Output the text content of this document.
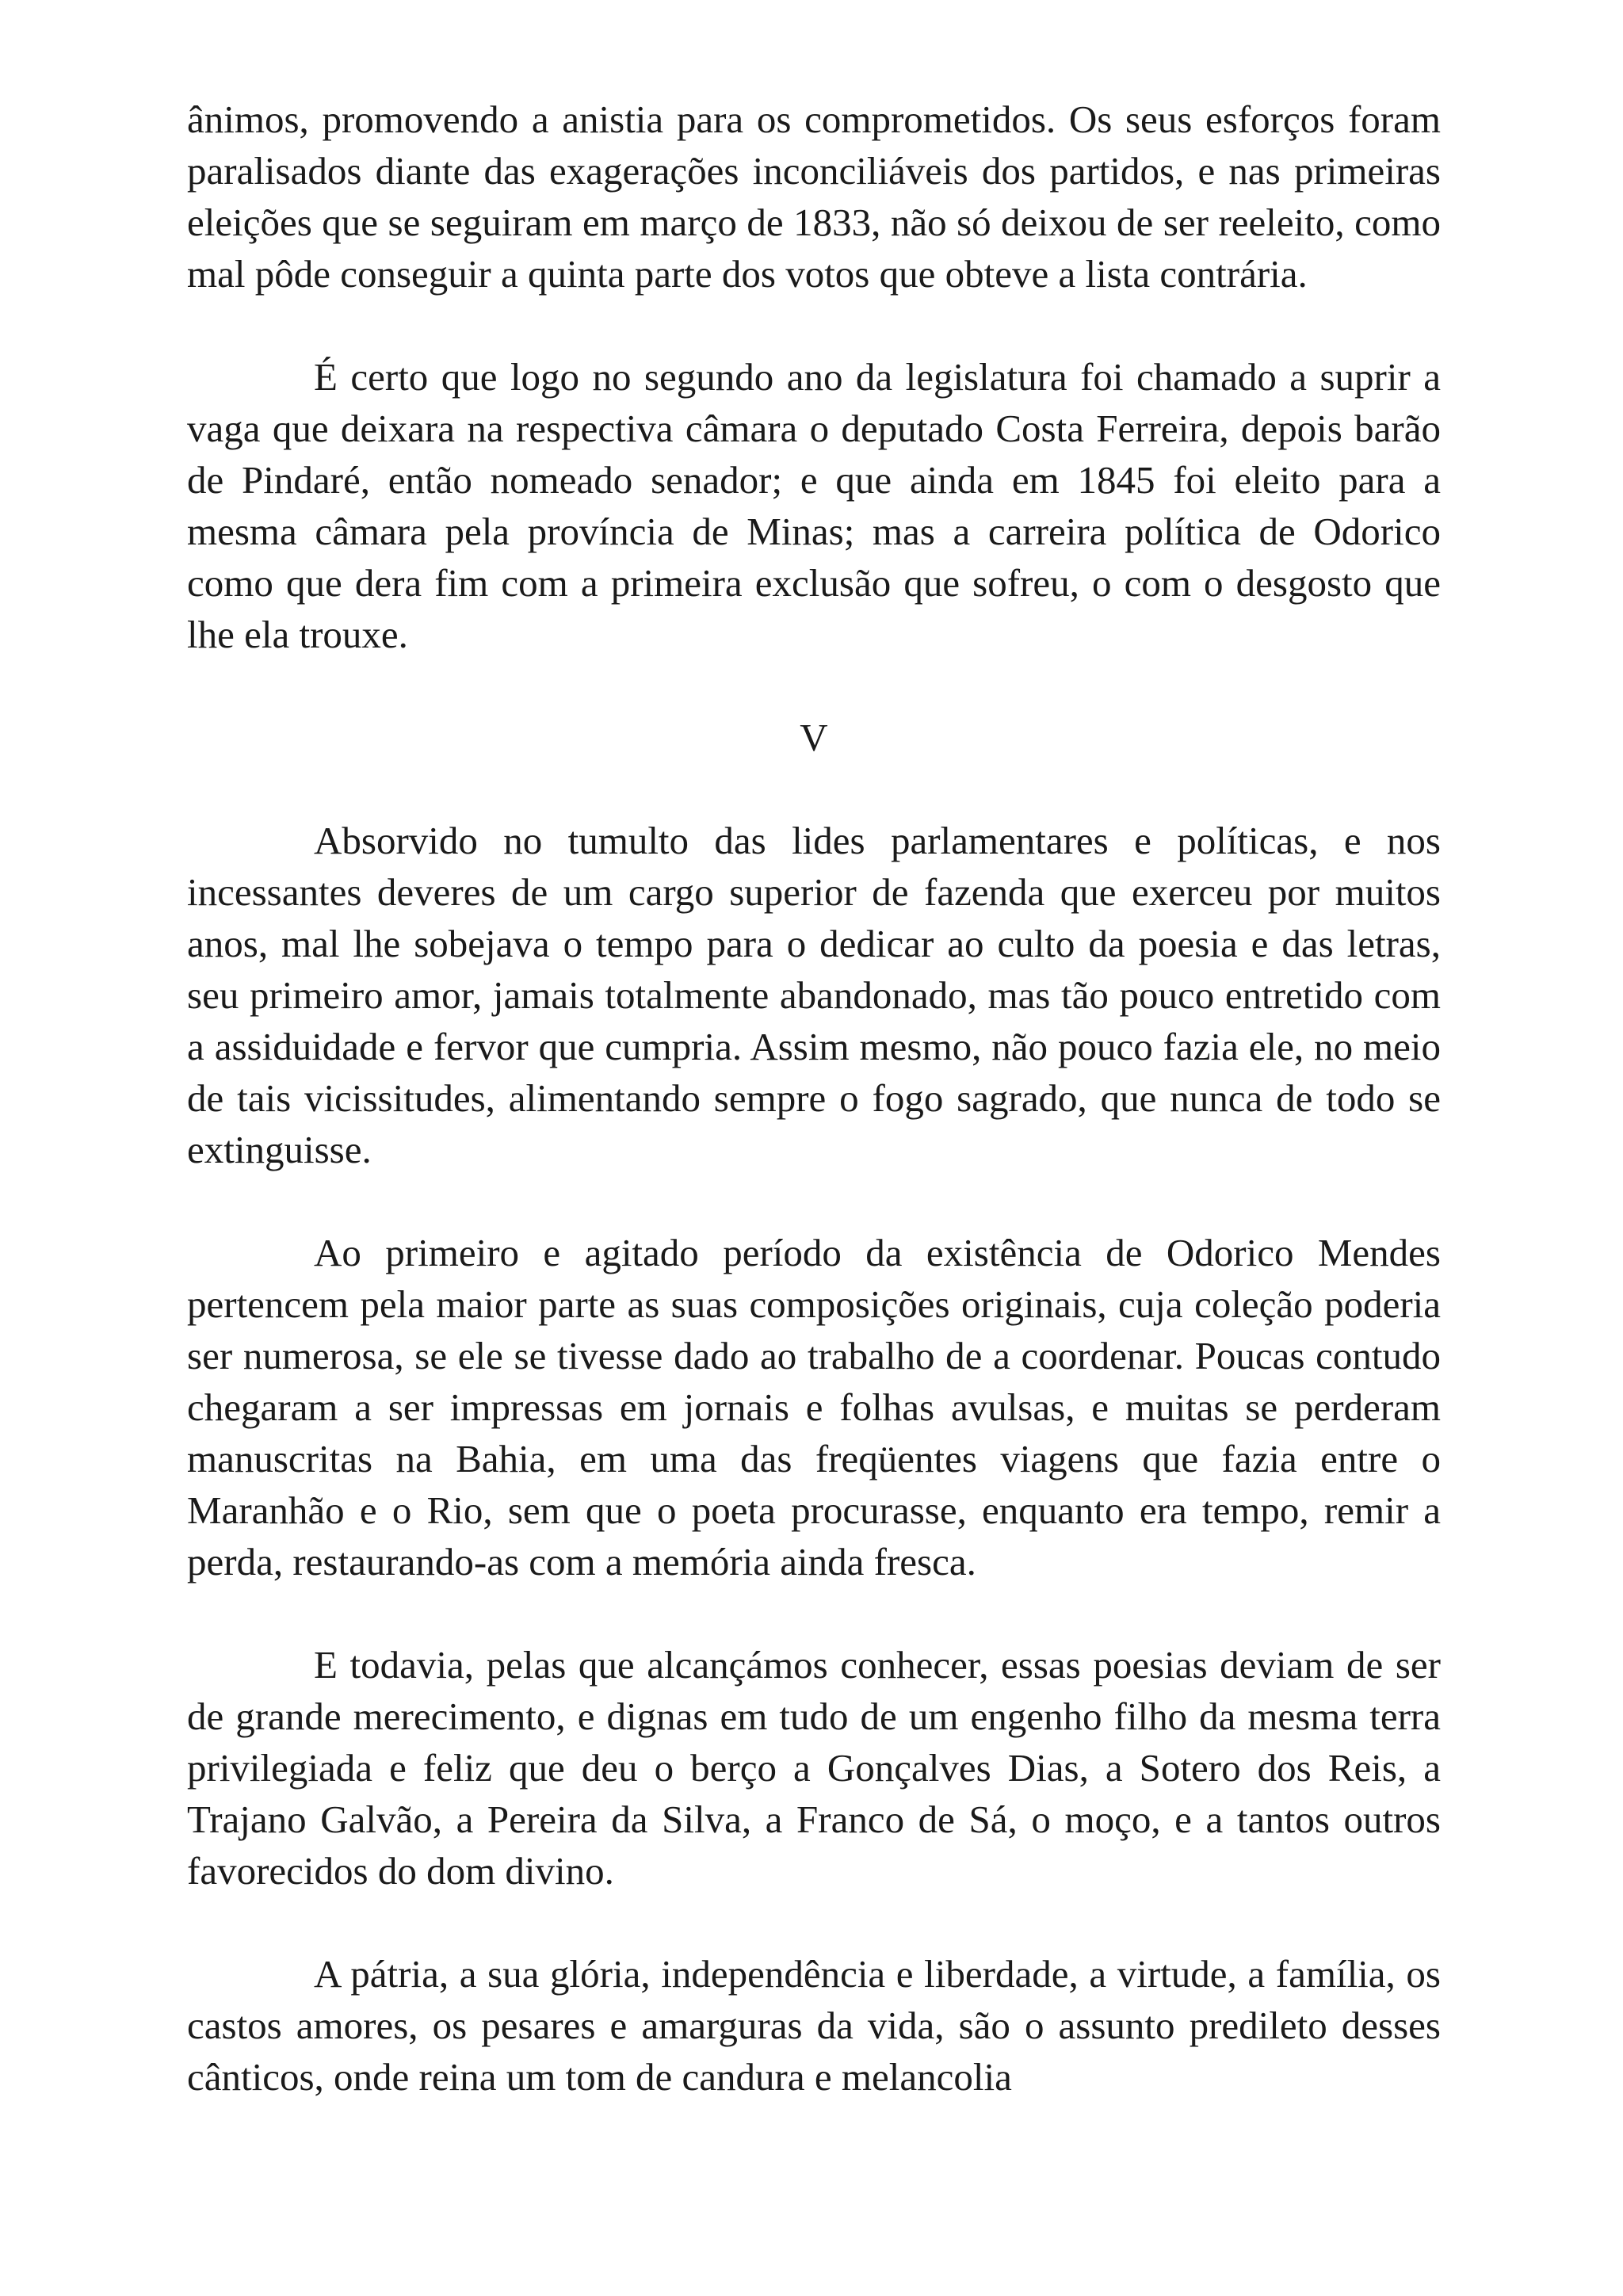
ânimos, promovendo a anistia para os comprometidos. Os seus esforços foram paralisados diante das exagerações inconciliáveis dos partidos, e nas primeiras eleições que se seguiram em março de 1833, não só deixou de ser reeleito, como mal pôde conseguir a quinta parte dos votos que obteve a lista contrária.

É certo que logo no segundo ano da legislatura foi chamado a suprir a vaga que deixara na respectiva câmara o deputado Costa Ferreira, depois barão de Pindaré, então nomeado senador; e que ainda em 1845 foi eleito para a mesma câmara pela província de Minas; mas a carreira política de Odorico como que dera fim com a primeira exclusão que sofreu, o com o desgosto que lhe ela trouxe.

V

Absorvido no tumulto das lides parlamentares e políticas, e nos incessantes deveres de um cargo superior de fazenda que exerceu por muitos anos, mal lhe sobejava o tempo para o dedicar ao culto da poesia e das letras, seu primeiro amor, jamais totalmente abandonado, mas tão pouco entretido com a assiduidade e fervor que cumpria. Assim mesmo, não pouco fazia ele, no meio de tais vicissitudes, alimentando sempre o fogo sagrado, que nunca de todo se extinguisse.

Ao primeiro e agitado período da existência de Odorico Mendes pertencem pela maior parte as suas composições originais, cuja coleção poderia ser numerosa, se ele se tivesse dado ao trabalho de a coordenar. Poucas contudo chegaram a ser impressas em jornais e folhas avulsas, e muitas se perderam manuscritas na Bahia, em uma das freqüentes viagens que fazia entre o Maranhão e o Rio, sem que o poeta procurasse, enquanto era tempo, remir a perda, restaurando-as com a memória ainda fresca.

E todavia, pelas que alcançámos conhecer, essas poesias deviam de ser de grande merecimento, e dignas em tudo de um engenho filho da mesma terra privilegiada e feliz que deu o berço a Gonçalves Dias, a Sotero dos Reis, a Trajano Galvão, a Pereira da Silva, a Franco de Sá, o moço, e a tantos outros favorecidos do dom divino.

A pátria, a sua glória, independência e liberdade, a virtude, a família, os castos amores, os pesares e amarguras da vida, são o assunto predileto desses cânticos, onde reina um tom de candura e melancolia
